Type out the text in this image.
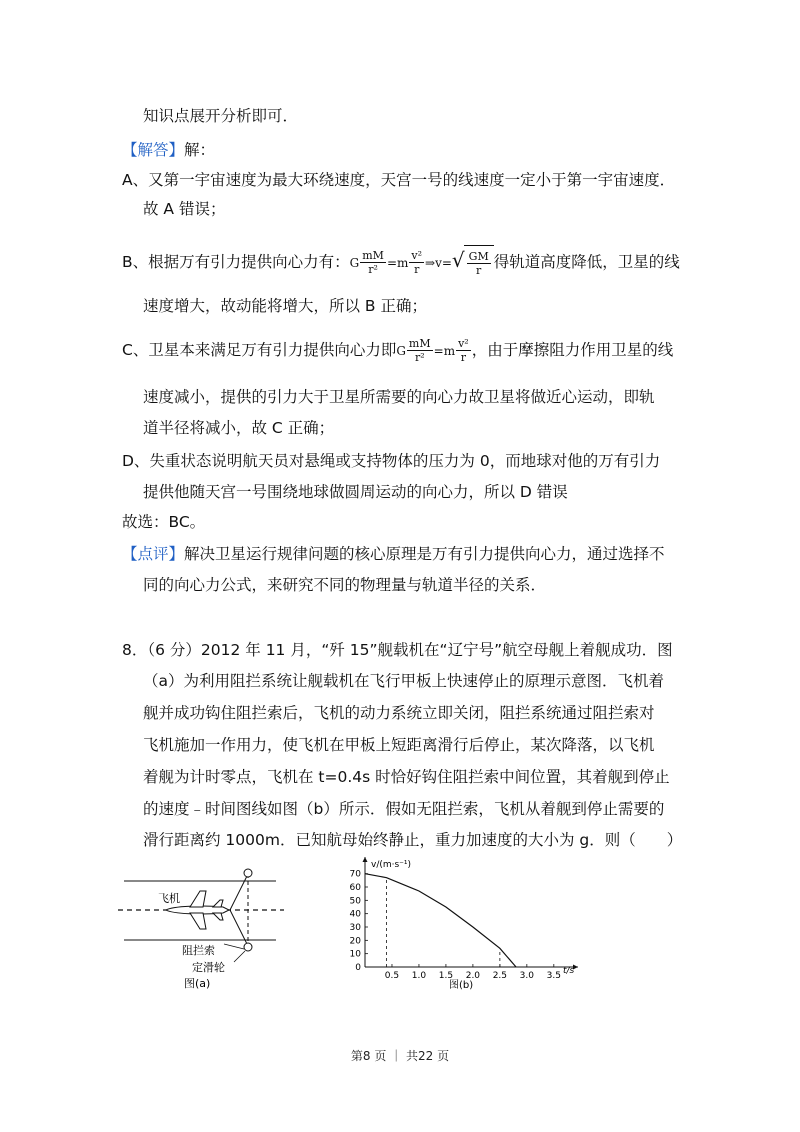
知识点展开分析即可．
【解答】解：
A、又第一宇宙速度为最大环绕速度，天宫一号的线速度一定小于第一宇宙速度．
故 A 错误；
B、根据万有引力提供向心力有：G $\frac{mM}{\text{r²}} =m \frac{\text{v²}}{r}$ ⇒v=√ $\frac{GM}{r}$ 得轨道高度降低，卫星的线
速度增大，故动能将增大，所以 B 正确；
C、卫星本来满足万有引力提供向心力即G $\frac{mM}{\text{r²}} =m \frac{\text{v²}}{r}$ ，由于摩擦阻力作用卫星的线
速度减小，提供的引力大于卫星所需要的向心力故卫星将做近心运动，即轨
道半径将减小，故 C 正确；
D、失重状态说明航天员对悬绳或支持物体的压力为 0，而地球对他的万有引力
提供他随天宫一号围绕地球做圆周运动的向心力，所以 D 错误
故选：BC。
【点评】解决卫星运行规律问题的核心原理是万有引力提供向心力，通过选择不
同的向心力公式，来研究不同的物理量与轨道半径的关系．
8．（6 分）2012 年 11 月，“歼 15”舰载机在“辽宁号”航空母舰上着舰成功．图
（a）为利用阻拦系统让舰载机在飞行甲板上快速停止的原理示意图．飞机着
舰并成功钩住阻拦索后，飞机的动力系统立即关闭，阻拦系统通过阻拦索对
飞机施加一作用力，使飞机在甲板上短距离滑行后停止，某次降落，以飞机
着舰为计时零点，飞机在 t=0.4s 时恰好钩住阻拦索中间位置，其着舰到停止
的速度﹣时间图线如图（b）所示．假如无阻拦索，飞机从着舰到停止需要的
滑行距离约 1000m．已知航母始终静止，重力加速度的大小为 g．则（　　）
飞机
阻拦索
定滑轮
图(a)
0
10
20
30
40
50
60
70
0.5 1.0 1.5 2.0 2.5 3.0 3.5
v/(m·s⁻¹)
t/s
图(b)
第8 页 ｜ 共22 页
